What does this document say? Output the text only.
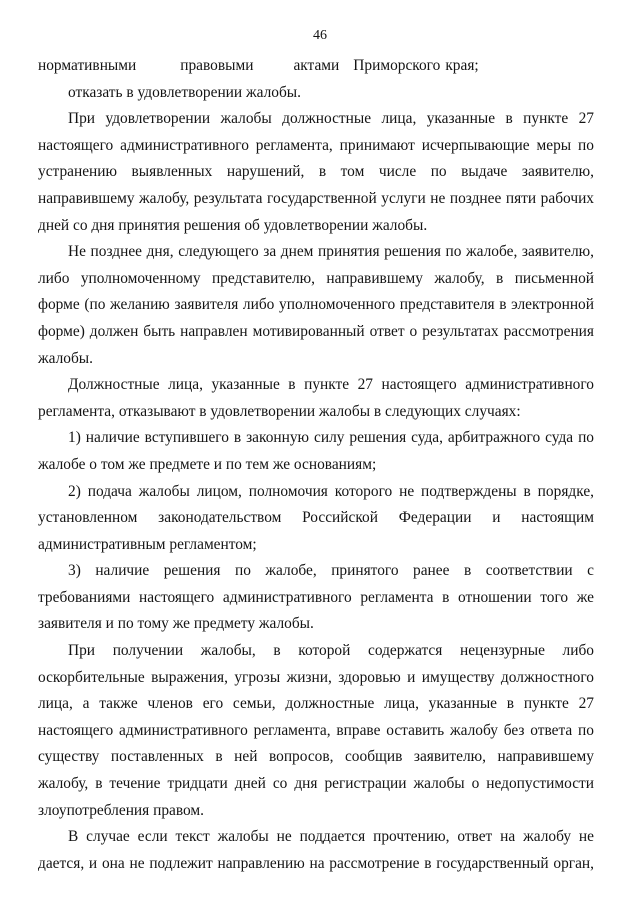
46

нормативными	правовыми	актами Приморского края;

отказать в удовлетворении жалобы.

При удовлетворении жалобы должностные лица, указанные в пункте 27 настоящего административного регламента, принимают исчерпывающие меры по устранению выявленных нарушений, в том числе по выдаче заявителю, направившему жалобу, результата государственной услуги не позднее пяти рабочих дней со дня принятия решения об удовлетворении жалобы.

Не позднее дня, следующего за днем принятия решения по жалобе, заявителю, либо уполномоченному представителю, направившему жалобу, в письменной форме (по желанию заявителя либо уполномоченного представителя в электронной форме) должен быть направлен мотивированный ответ о результатах рассмотрения жалобы.

Должностные лица, указанные в пункте 27 настоящего административного регламента, отказывают в удовлетворении жалобы в следующих случаях:

1) наличие вступившего в законную силу решения суда, арбитражного суда по жалобе о том же предмете и по тем же основаниям;

2) подача жалобы лицом, полномочия которого не подтверждены в порядке, установленном законодательством Российской Федерации и настоящим административным регламентом;

3) наличие решения по жалобе, принятого ранее в соответствии с требованиями настоящего административного регламента в отношении того же заявителя и по тому же предмету жалобы.

При получении жалобы, в которой содержатся нецензурные либо оскорбительные выражения, угрозы жизни, здоровью и имуществу должностного лица, а также членов его семьи, должностные лица, указанные в пункте 27 настоящего административного регламента, вправе оставить жалобу без ответа по существу поставленных в ней вопросов, сообщив заявителю, направившему жалобу, в течение тридцати дней со дня регистрации жалобы о недопустимости злоупотребления правом.

В случае если текст жалобы не поддается прочтению, ответ на жалобу не дается, и она не подлежит направлению на рассмотрение в государственный орган,
